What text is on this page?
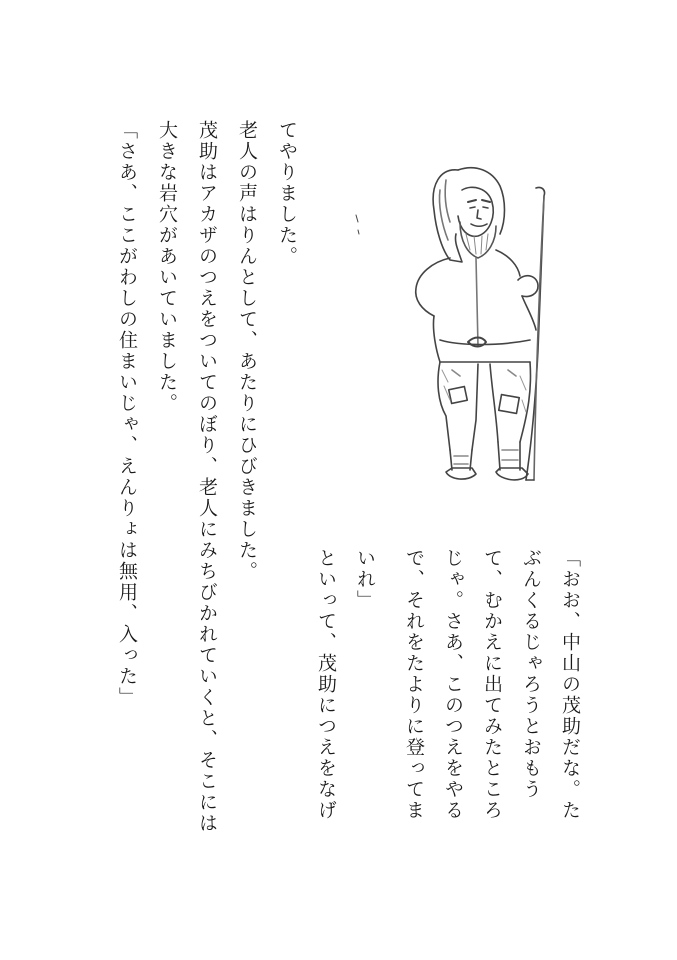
「おお、中山の茂助だな。た
ぶんくるじゃろうとおもう
て、むかえに出てみたところ
じゃ。さあ、このつえをやる
で、それをたよりに登ってま
いれ」
といって、茂助につえをなげ
てやりました。
老人の声はりんとして、あたりにひびきました。
茂助はアカザのつえをついてのぼり、老人にみちびかれていくと、そこには
大きな岩穴があいていました。
「さあ、ここがわしの住まいじゃ、えんりょは無用、入った」
